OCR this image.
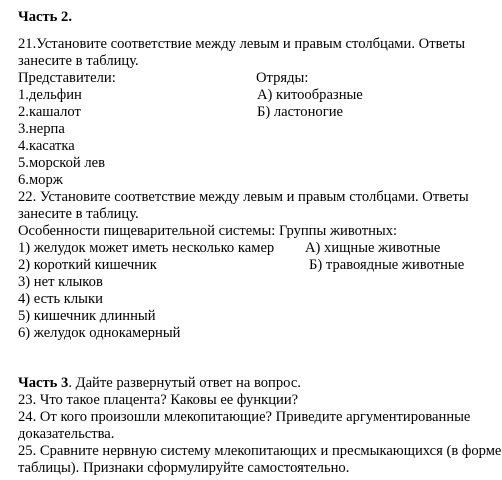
Часть 2.
21.Установите соответствие между левым и правым столбцами. Ответы
занесите в таблицу.
Представители:	Отряды:
1.дельфин	А) китообразные
2.кашалот	Б) ластоногие
3.нерпа
4.касатка
5.морской лев
6.морж
22. Установите соответствие между левым и правым столбцами. Ответы
занесите в таблицу.
Особенности пищеварительной системы: Группы животных:
1) желудок может иметь несколько камер	А) хищные животные
2) короткий кишечник	Б) травоядные животные
3) нет клыков
4) есть клыки
5) кишечник длинный
6) желудок однокамерный
Часть 3. Дайте развернутый ответ на вопрос.
23. Что такое плацента? Каковы ее функции?
24. От кого произошли млекопитающие? Приведите аргументированные
доказательства.
25. Сравните нервную систему млекопитающих и пресмыкающихся (в форме
таблицы). Признаки сформулируйте самостоятельно.
